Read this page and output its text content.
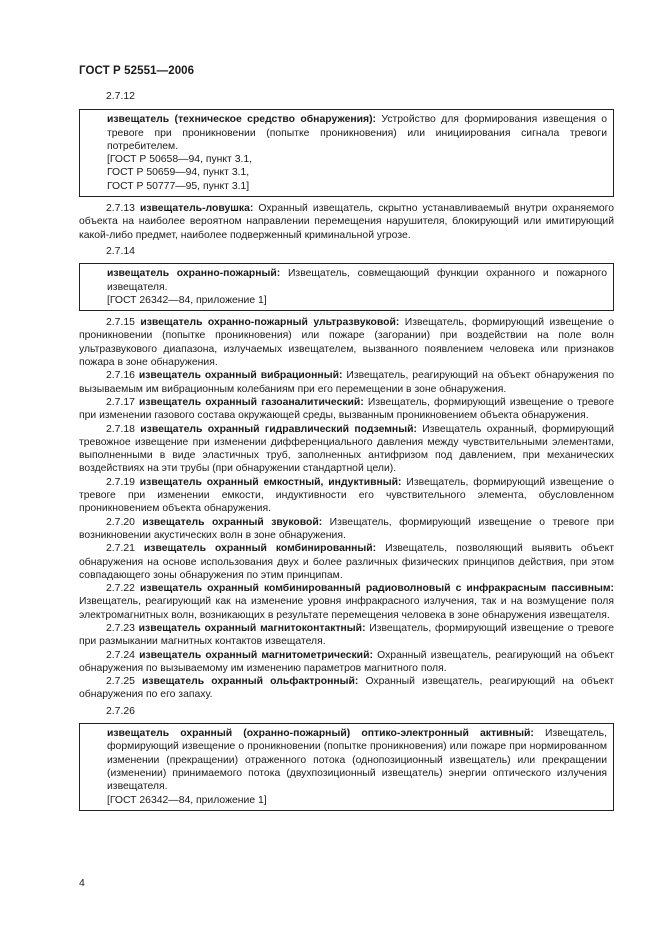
ГОСТ Р 52551—2006
2.7.12

извещатель (техническое средство обнаружения): Устройство для формирования извещения о тревоге при проникновении (попытке проникновения) или инициирования сигнала тревоги потребителем.

[ГОСТ Р 50658—94, пункт 3.1,

ГОСТ Р 50659—94, пункт 3.1,

ГОСТ Р 50777—95, пункт 3.1]

2.7.13 извещатель-ловушка: Охранный извещатель, скрытно устанавливаемый внутри охраняемого объекта на наиболее вероятном направлении перемещения нарушителя, блокирующий или имитирующий какой-либо предмет, наиболее подверженный криминальной угрозе.

2.7.14

извещатель охранно-пожарный: Извещатель, совмещающий функции охранного и пожарного извещателя.

[ГОСТ 26342—84, приложение 1]

2.7.15 извещатель охранно-пожарный ультразвуковой: Извещатель, формирующий извещение о проникновении (попытке проникновения) или пожаре (загорании) при воздействии на поле волн ультразвукового диапазона, излучаемых извещателем, вызванного появлением человека или признаков пожара в зоне обнаружения.

2.7.16 извещатель охранный вибрационный: Извещатель, реагирующий на объект обнаружения по вызываемым им вибрационным колебаниям при его перемещении в зоне обнаружения.

2.7.17 извещатель охранный газоаналитический: Извещатель, формирующий извещение о тревоге при изменении газового состава окружающей среды, вызванным проникновением объекта обнаружения.

2.7.18 извещатель охранный гидравлический подземный: Извещатель охранный, формирующий тревожное извещение при изменении дифференциального давления между чувствительными элементами, выполненными в виде эластичных труб, заполненных антифризом под давлением, при механических воздействиях на эти трубы (при обнаружении стандартной цели).

2.7.19 извещатель охранный емкостный, индуктивный: Извещатель, формирующий извещение о тревоге при изменении емкости, индуктивности его чувствительного элемента, обусловленном проникновением объекта обнаружения.

2.7.20 извещатель охранный звуковой: Извещатель, формирующий извещение о тревоге при возникновении акустических волн в зоне обнаружения.

2.7.21 извещатель охранный комбинированный: Извещатель, позволяющий выявить объект обнаружения на основе использования двух и более различных физических принципов действия, при этом совпадающего зоны обнаружения по этим принципам.

2.7.22 извещатель охранный комбинированный радиоволновый с инфракрасным пассивным: Извещатель, реагирующий как на изменение уровня инфракрасного излучения, так и на возмущение поля электромагнитных волн, возникающих в результате перемещения человека в зоне обнаружения извещателя.

2.7.23 извещатель охранный магнитоконтактный: Извещатель, формирующий извещение о тревоге при размыкании магнитных контактов извещателя.

2.7.24 извещатель охранный магнитометрический: Охранный извещатель, реагирующий на объект обнаружения по вызываемому им изменению параметров магнитного поля.

2.7.25 извещатель охранный ольфактронный: Охранный извещатель, реагирующий на объект обнаружения по его запаху.

2.7.26

извещатель охранный (охранно-пожарный) оптико-электронный активный: Извещатель, формирующий извещение о проникновении (попытке проникновения) или пожаре при нормированном изменении (прекращении) отраженного потока (однопозиционный извещатель) или прекращении (изменении) принимаемого потока (двухпозиционный извещатель) энергии оптического излучения извещателя.

[ГОСТ 26342—84, приложение 1]

4
